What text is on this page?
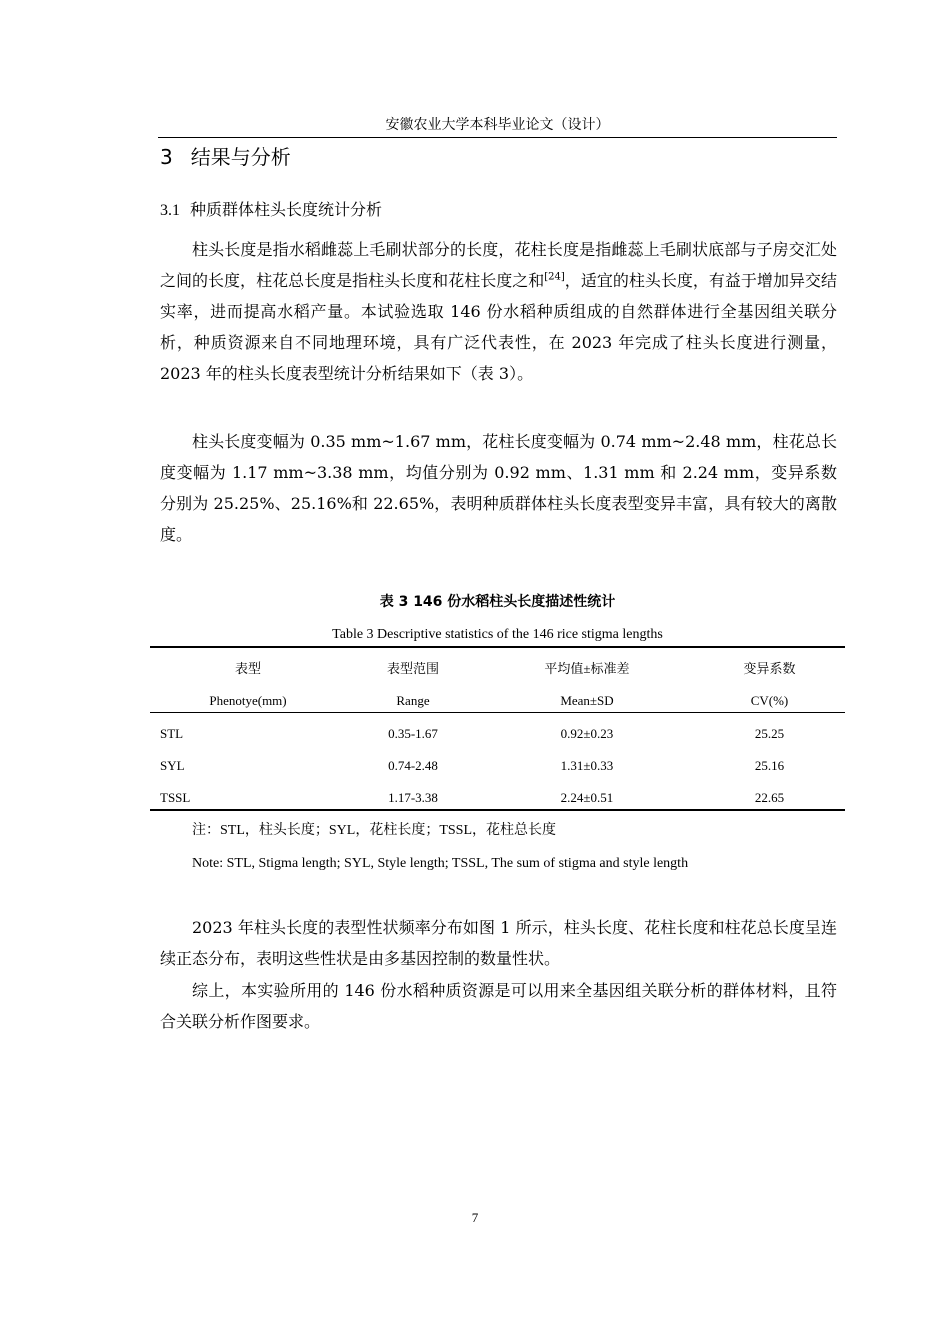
安徽农业大学本科毕业论文（设计）
3 结果与分析
3.1 种质群体柱头长度统计分析

柱头长度是指水稻雌蕊上毛刷状部分的长度，花柱长度是指雌蕊上毛刷状底部与子房交汇处之间的长度，柱花总长度是指柱头长度和花柱长度之和[24]，适宜的柱头长度，有益于增加异交结实率，进而提高水稻产量。本试验选取 146 份水稻种质组成的自然群体进行全基因组关联分析，种质资源来自不同地理环境，具有广泛代表性，在 2023 年完成了柱头长度进行测量，2023 年的柱头长度表型统计分析结果如下（表 3）。

柱头长度变幅为 0.35 mm~1.67 mm，花柱长度变幅为 0.74 mm~2.48 mm，柱花总长度变幅为 1.17 mm~3.38 mm，均值分别为 0.92 mm、1.31 mm 和 2.24 mm，变异系数分别为 25.25%、25.16%和 22.65%，表明种质群体柱头长度表型变异丰富，具有较大的离散度。

表 3 146 份水稻柱头长度描述性统计
Table 3 Descriptive statistics of the 146 rice stigma lengths
表型	表型范围	平均值±标准差	变异系数
Phenotye(mm)	Range	Mean±SD	CV(%)
STL	0.35-1.67	0.92±0.23	25.25
SYL	0.74-2.48	1.31±0.33	25.16
TSSL	1.17-3.38	2.24±0.51	22.65
注：STL，柱头长度；SYL，花柱长度；TSSL，花柱总长度
Note: STL, Stigma length; SYL, Style length; TSSL, The sum of stigma and style length

2023 年柱头长度的表型性状频率分布如图 1 所示，柱头长度、花柱长度和柱花总长度呈连续正态分布，表明这些性状是由多基因控制的数量性状。

综上，本实验所用的 146 份水稻种质资源是可以用来全基因组关联分析的群体材料，且符合关联分析作图要求。

7
